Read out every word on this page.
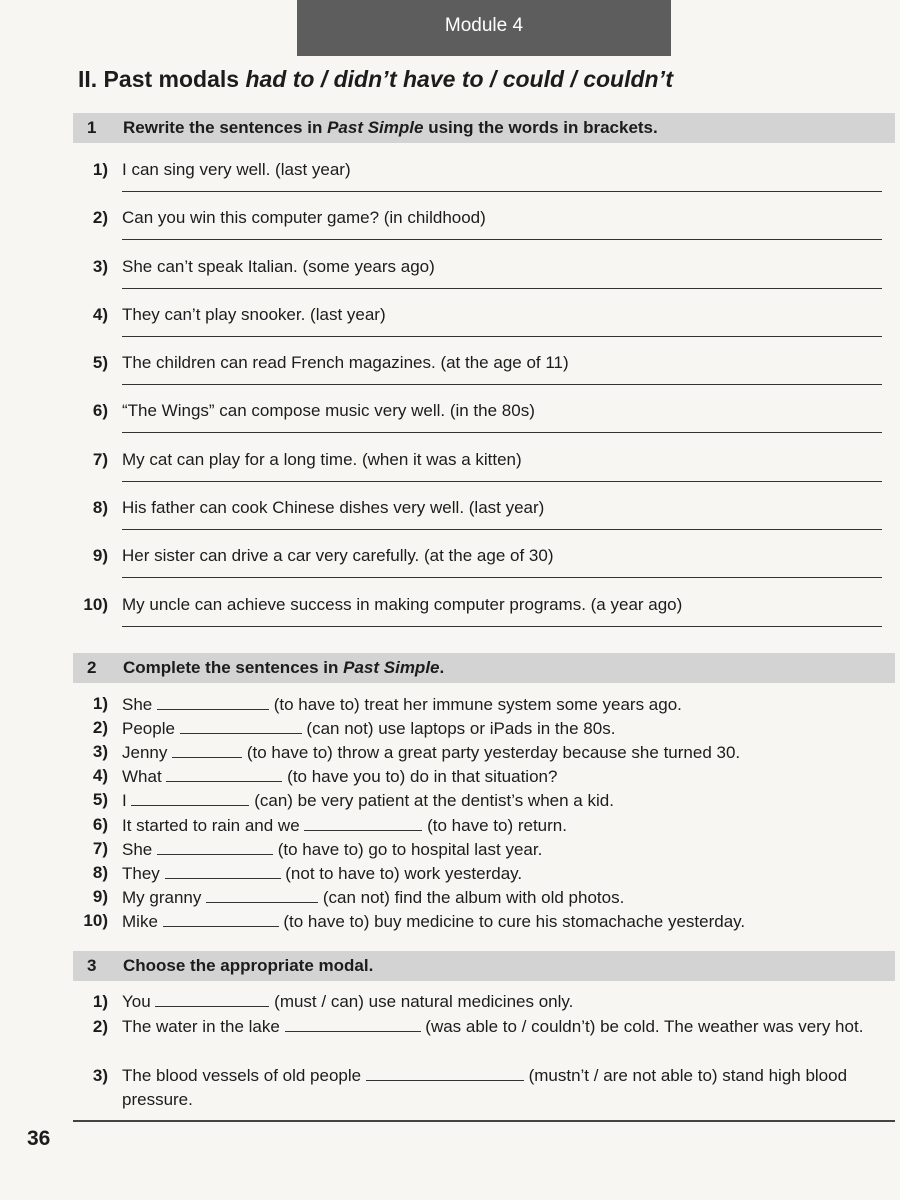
Module 4
II. Past modals had to / didn’t have to / could / couldn’t
1 Rewrite the sentences in Past Simple using the words in brackets.
1) I can sing very well. (last year)
2) Can you win this computer game? (in childhood)
3) She can’t speak Italian. (some years ago)
4) They can’t play snooker. (last year)
5) The children can read French magazines. (at the age of 11)
6) “The Wings” can compose music very well. (in the 80s)
7) My cat can play for a long time. (when it was a kitten)
8) His father can cook Chinese dishes very well. (last year)
9) Her sister can drive a car very carefully. (at the age of 30)
10) My uncle can achieve success in making computer programs. (a year ago)
2 Complete the sentences in Past Simple.
1) She	(to have to) treat her immune system some years ago.
2) People	(can not) use laptops or iPads in the 80s.
3) Jenny	(to have to) throw a great party yesterday because she turned 30.
4) What	(to have you to) do in that situation?
5) I	(can) be very patient at the dentist’s when a kid.
6) It started to rain and we	(to have to) return.
7) She	(to have to) go to hospital last year.
8) They	(not to have to) work yesterday.
9) My granny	(can not) find the album with old photos.
10) Mike	(to have to) buy medicine to cure his stomachache yesterday.
3 Choose the appropriate modal.
1) You	(must / can) use natural medicines only.
2) The water in the lake	(was able to / couldn’t) be cold. The weather was very hot.
3) The blood vessels of old people	(mustn’t / are not able to) stand high blood pressure.
36
